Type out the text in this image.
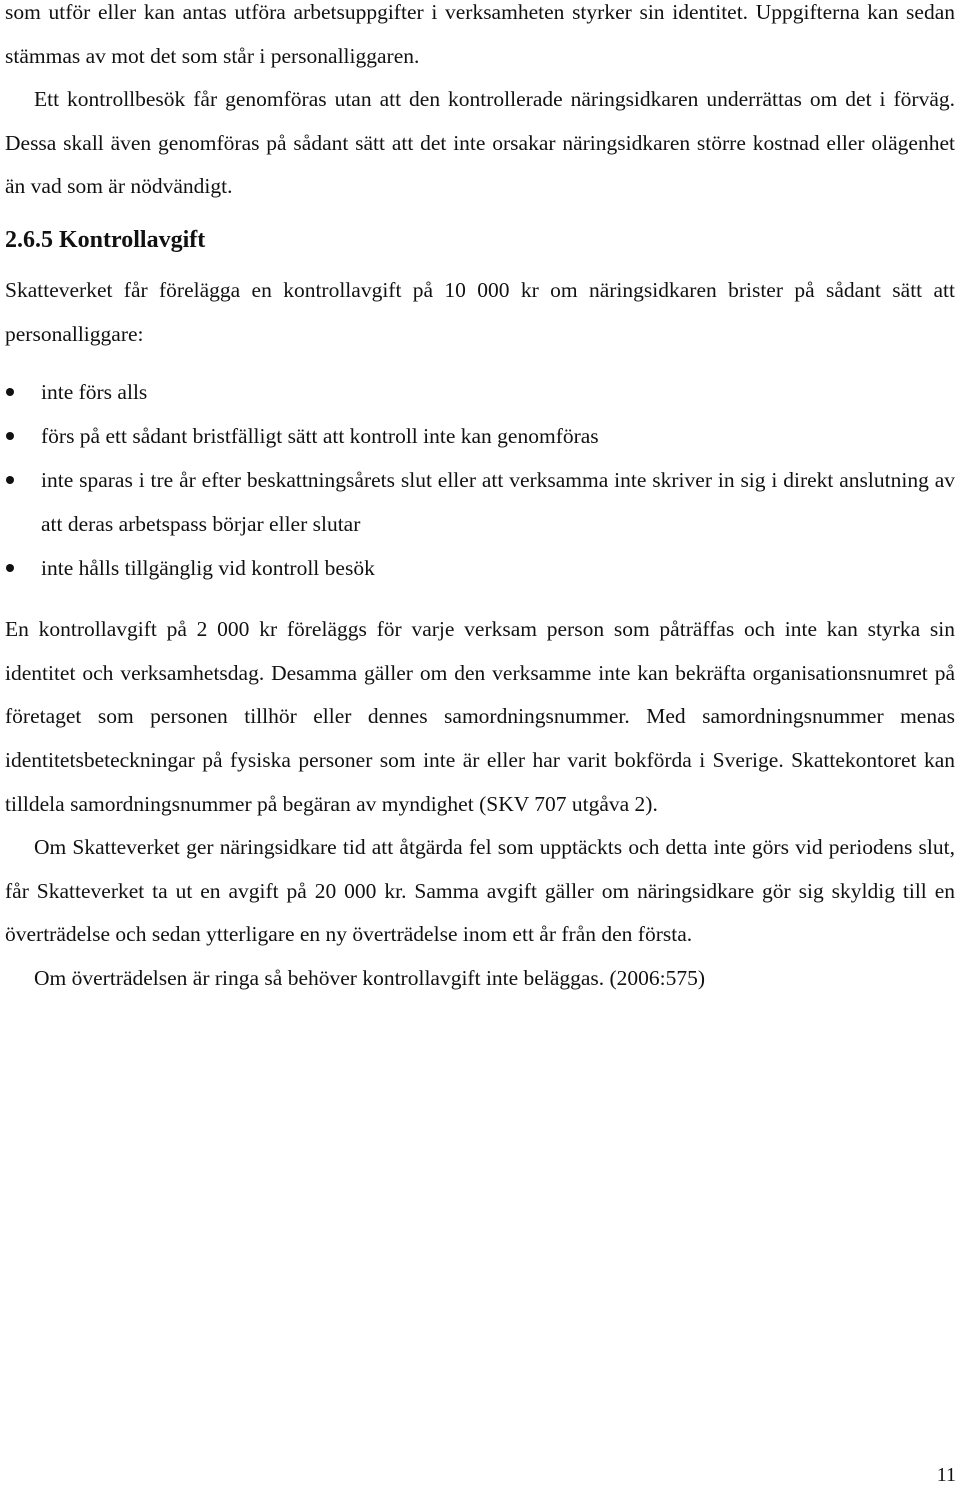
som utför eller kan antas utföra arbetsuppgifter i verksamheten styrker sin identitet. Uppgifterna kan sedan stämmas av mot det som står i personalliggaren.

Ett kontrollbesök får genomföras utan att den kontrollerade näringsidkaren underrättas om det i förväg. Dessa skall även genomföras på sådant sätt att det inte orsakar näringsidkaren större kostnad eller olägenhet än vad som är nödvändigt.

2.6.5 Kontrollavgift

Skatteverket får förelägga en kontrollavgift på 10 000 kr om näringsidkaren brister på sådant sätt att personalliggare:

inte förs alls
förs på ett sådant bristfälligt sätt att kontroll inte kan genomföras
inte sparas i tre år efter beskattningsårets slut eller att verksamma inte skriver in sig i direkt anslutning av att deras arbetspass börjar eller slutar
inte hålls tillgänglig vid kontroll besök

En kontrollavgift på 2 000 kr föreläggs för varje verksam person som påträffas och inte kan styrka sin identitet och verksamhetsdag. Desamma gäller om den verksamme inte kan bekräfta organisationsnumret på företaget som personen tillhör eller dennes samordningsnummer. Med samordningsnummer menas identitetsbeteckningar på fysiska personer som inte är eller har varit bokförda i Sverige. Skattekontoret kan tilldela samordningsnummer på begäran av myndighet (SKV 707 utgåva 2).

Om Skatteverket ger näringsidkare tid att åtgärda fel som upptäckts och detta inte görs vid periodens slut, får Skatteverket ta ut en avgift på 20 000 kr. Samma avgift gäller om näringsidkare gör sig skyldig till en överträdelse och sedan ytterligare en ny överträdelse inom ett år från den första.

Om överträdelsen är ringa så behöver kontrollavgift inte beläggas. (2006:575)

11
